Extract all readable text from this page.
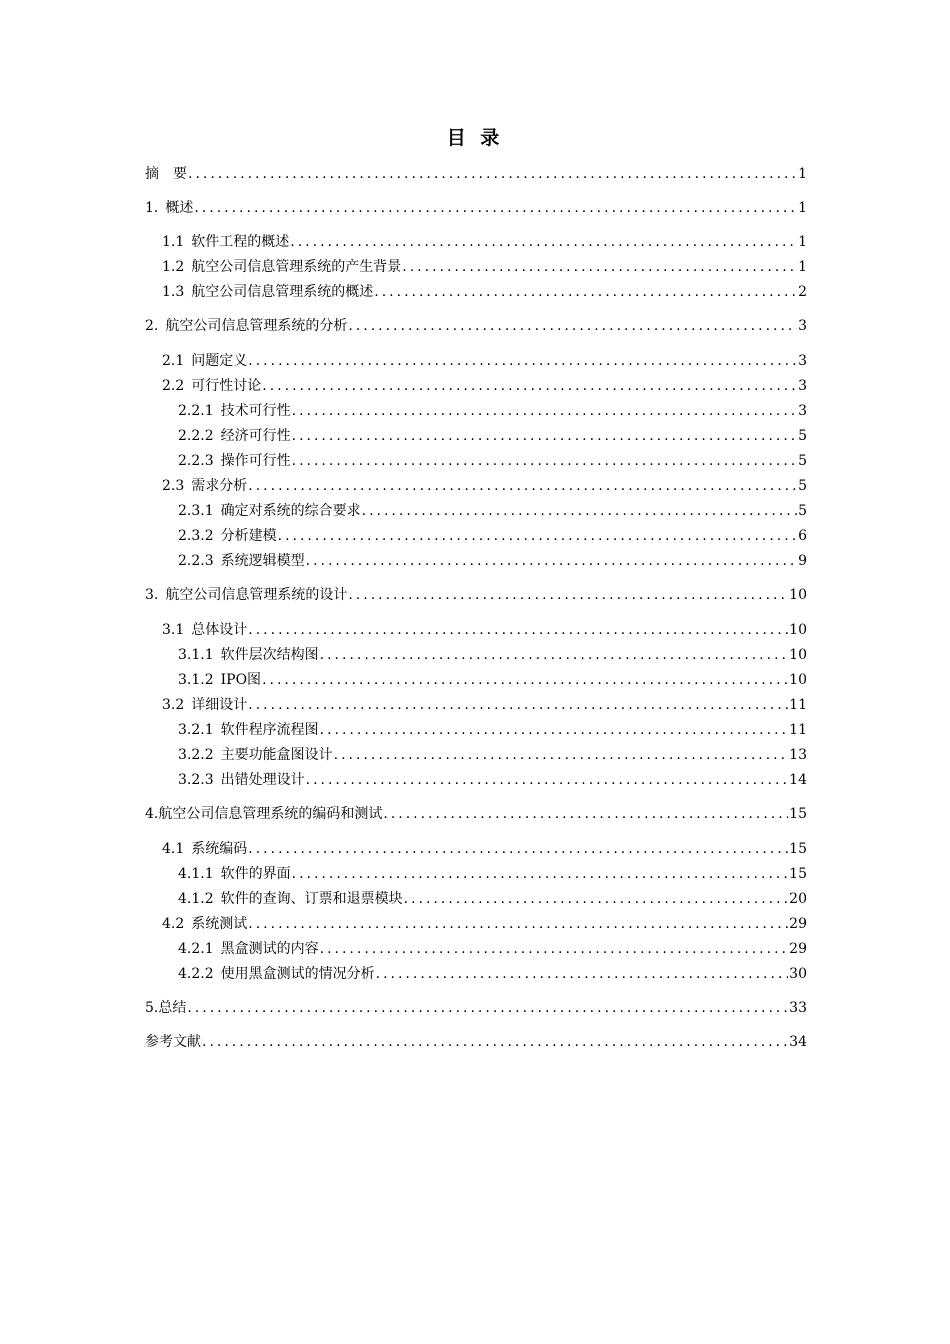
目 录
摘　要 .....	1
1. 概述 .....	1
1.1 软件工程的概述 .....	1
1.2 航空公司信息管理系统的产生背景 .....	1
1.3 航空公司信息管理系统的概述 .....	2
2. 航空公司信息管理系统的分析 .....	3
2.1 问题定义 .....	3
2.2 可行性讨论 .....	3
2.2.1 技术可行性 .....	3
2.2.2 经济可行性 .....	5
2.2.3 操作可行性 .....	5
2.3 需求分析 .....	5
2.3.1 确定对系统的综合要求 .....	5
2.3.2 分析建模 .....	6
2.2.3 系统逻辑模型 .....	9
3. 航空公司信息管理系统的设计 .....	10
3.1 总体设计 .....	10
3.1.1 软件层次结构图 .....	10
3.1.2 IPO图 .....	10
3.2 详细设计 .....	11
3.2.1 软件程序流程图 .....	11
3.2.2 主要功能盒图设计 .....	13
3.2.3 出错处理设计 .....	14
4.航空公司信息管理系统的编码和测试 .....	15
4.1 系统编码 .....	15
4.1.1 软件的界面 .....	15
4.1.2 软件的查询、订票和退票模块 .....	20
4.2 系统测试 .....	29
4.2.1 黑盒测试的内容 .....	29
4.2.2 使用黑盒测试的情况分析 .....	30
5.总结 .....	33
参考文献 .....	34
